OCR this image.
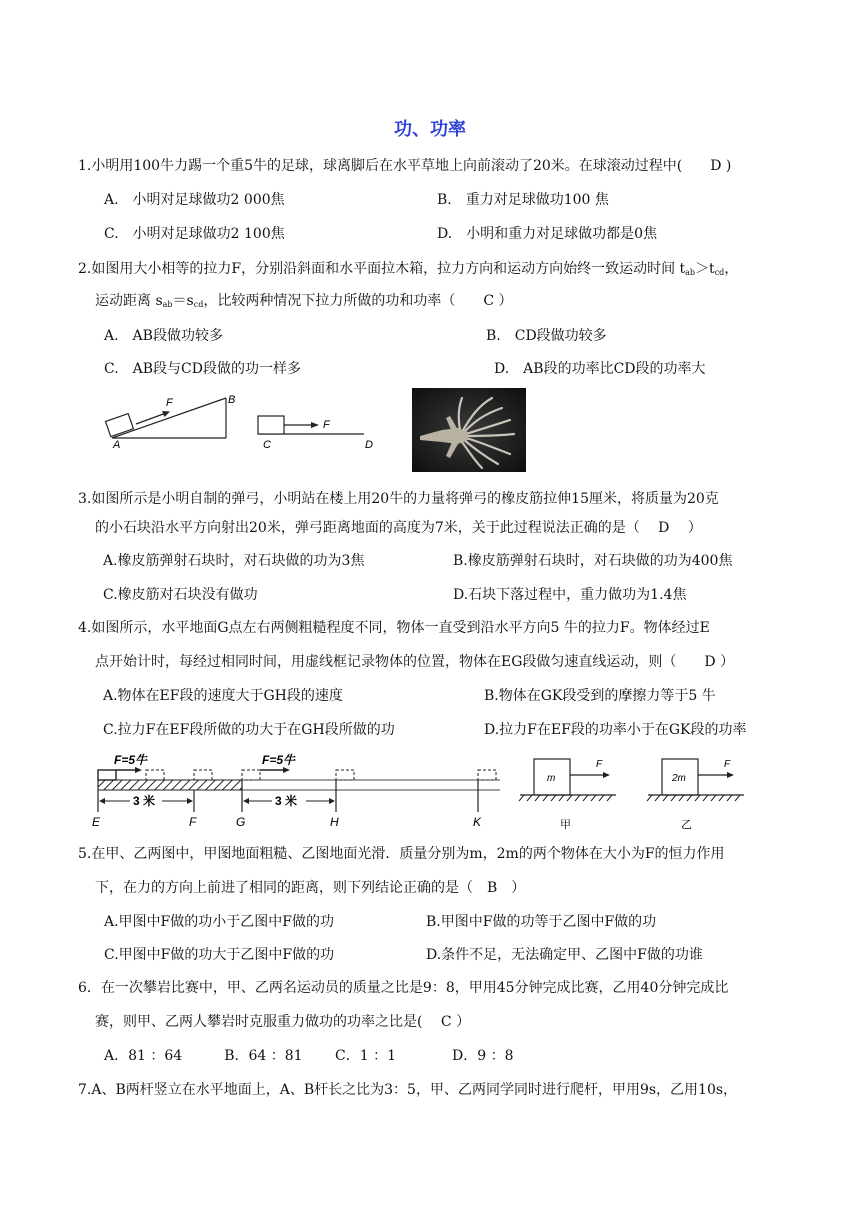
功、功率
1.小明用100牛力踢一个重5牛的足球，球离脚后在水平草地上向前滚动了20米。在球滚动过程中(　　D )
A.　小明对足球做功2 000焦	B.　重力对足球做功100 焦
C.　小明对足球做功2 100焦	D.　小明和重力对足球做功都是0焦
2.如图用大小相等的拉力F，分别沿斜面和水平面拉木箱，拉力方向和运动方向始终一致运动时间 $t_{ab}>t_{cd}$，
运动距离 $s_{ab}=s_{cd}$，比较两种情况下拉力所做的功和功率（　　C ）
A.　AB段做功较多	B.　CD段做功较多
C.　AB段与CD段做的功一样多	D.　AB段的功率比CD段的功率大
F
A
B
F
C	D
3.如图所示是小明自制的弹弓，小明站在楼上用20牛的力量将弹弓的橡皮筋拉伸15厘米，将质量为20克
的小石块沿水平方向射出20米，弹弓距离地面的高度为7米，关于此过程说法正确的是（　 D　 ）
A.橡皮筋弹射石块时，对石块做的功为3焦	B.橡皮筋弹射石块时，对石块做的功为400焦
C.橡皮筋对石块没有做功	D.石块下落过程中，重力做功为1.4焦
4.如图所示，水平地面G点左右两侧粗糙程度不同，物体一直受到沿水平方向5 牛的拉力F。物体经过E
点开始计时，每经过相同时间，用虚线框记录物体的位置，物体在EG段做匀速直线运动，则（　　D ）
A.物体在EF段的速度大于GH段的速度	B.物体在GK段受到的摩擦力等于5 牛
C.拉力F在EF段所做的功大于在GH段所做的功	D.拉力F在EF段的功率小于在GK段的功率
F=5牛	F=5牛
3 米	3 米
E	F	G	H	K
m
F
甲
2m
F
乙
5.在甲、乙两图中，甲图地面粗糙、乙图地面光滑．质量分别为m，2m的两个物体在大小为F的恒力作用
下，在力的方向上前进了相同的距离，则下列结论正确的是（　B　）
A.甲图中F做的功小于乙图中F做的功	B.甲图中F做的功等于乙图中F做的功
C.甲图中F做的功大于乙图中F做的功	D.条件不足，无法确定甲、乙图中F做的功谁
6．在一次攀岩比赛中，甲、乙两名运动员的质量之比是9：8，甲用45分钟完成比赛，乙用40分钟完成比
赛，则甲、乙两人攀岩时克服重力做功的功率之比是(　 C ）
A．81 ：64　　　B．64 ：81　　 C．1 ：1　　　　D．9 ：8
7.A、B两杆竖立在水平地面上，A、B杆长之比为3：5，甲、乙两同学同时进行爬杆，甲用9s，乙用10s，
